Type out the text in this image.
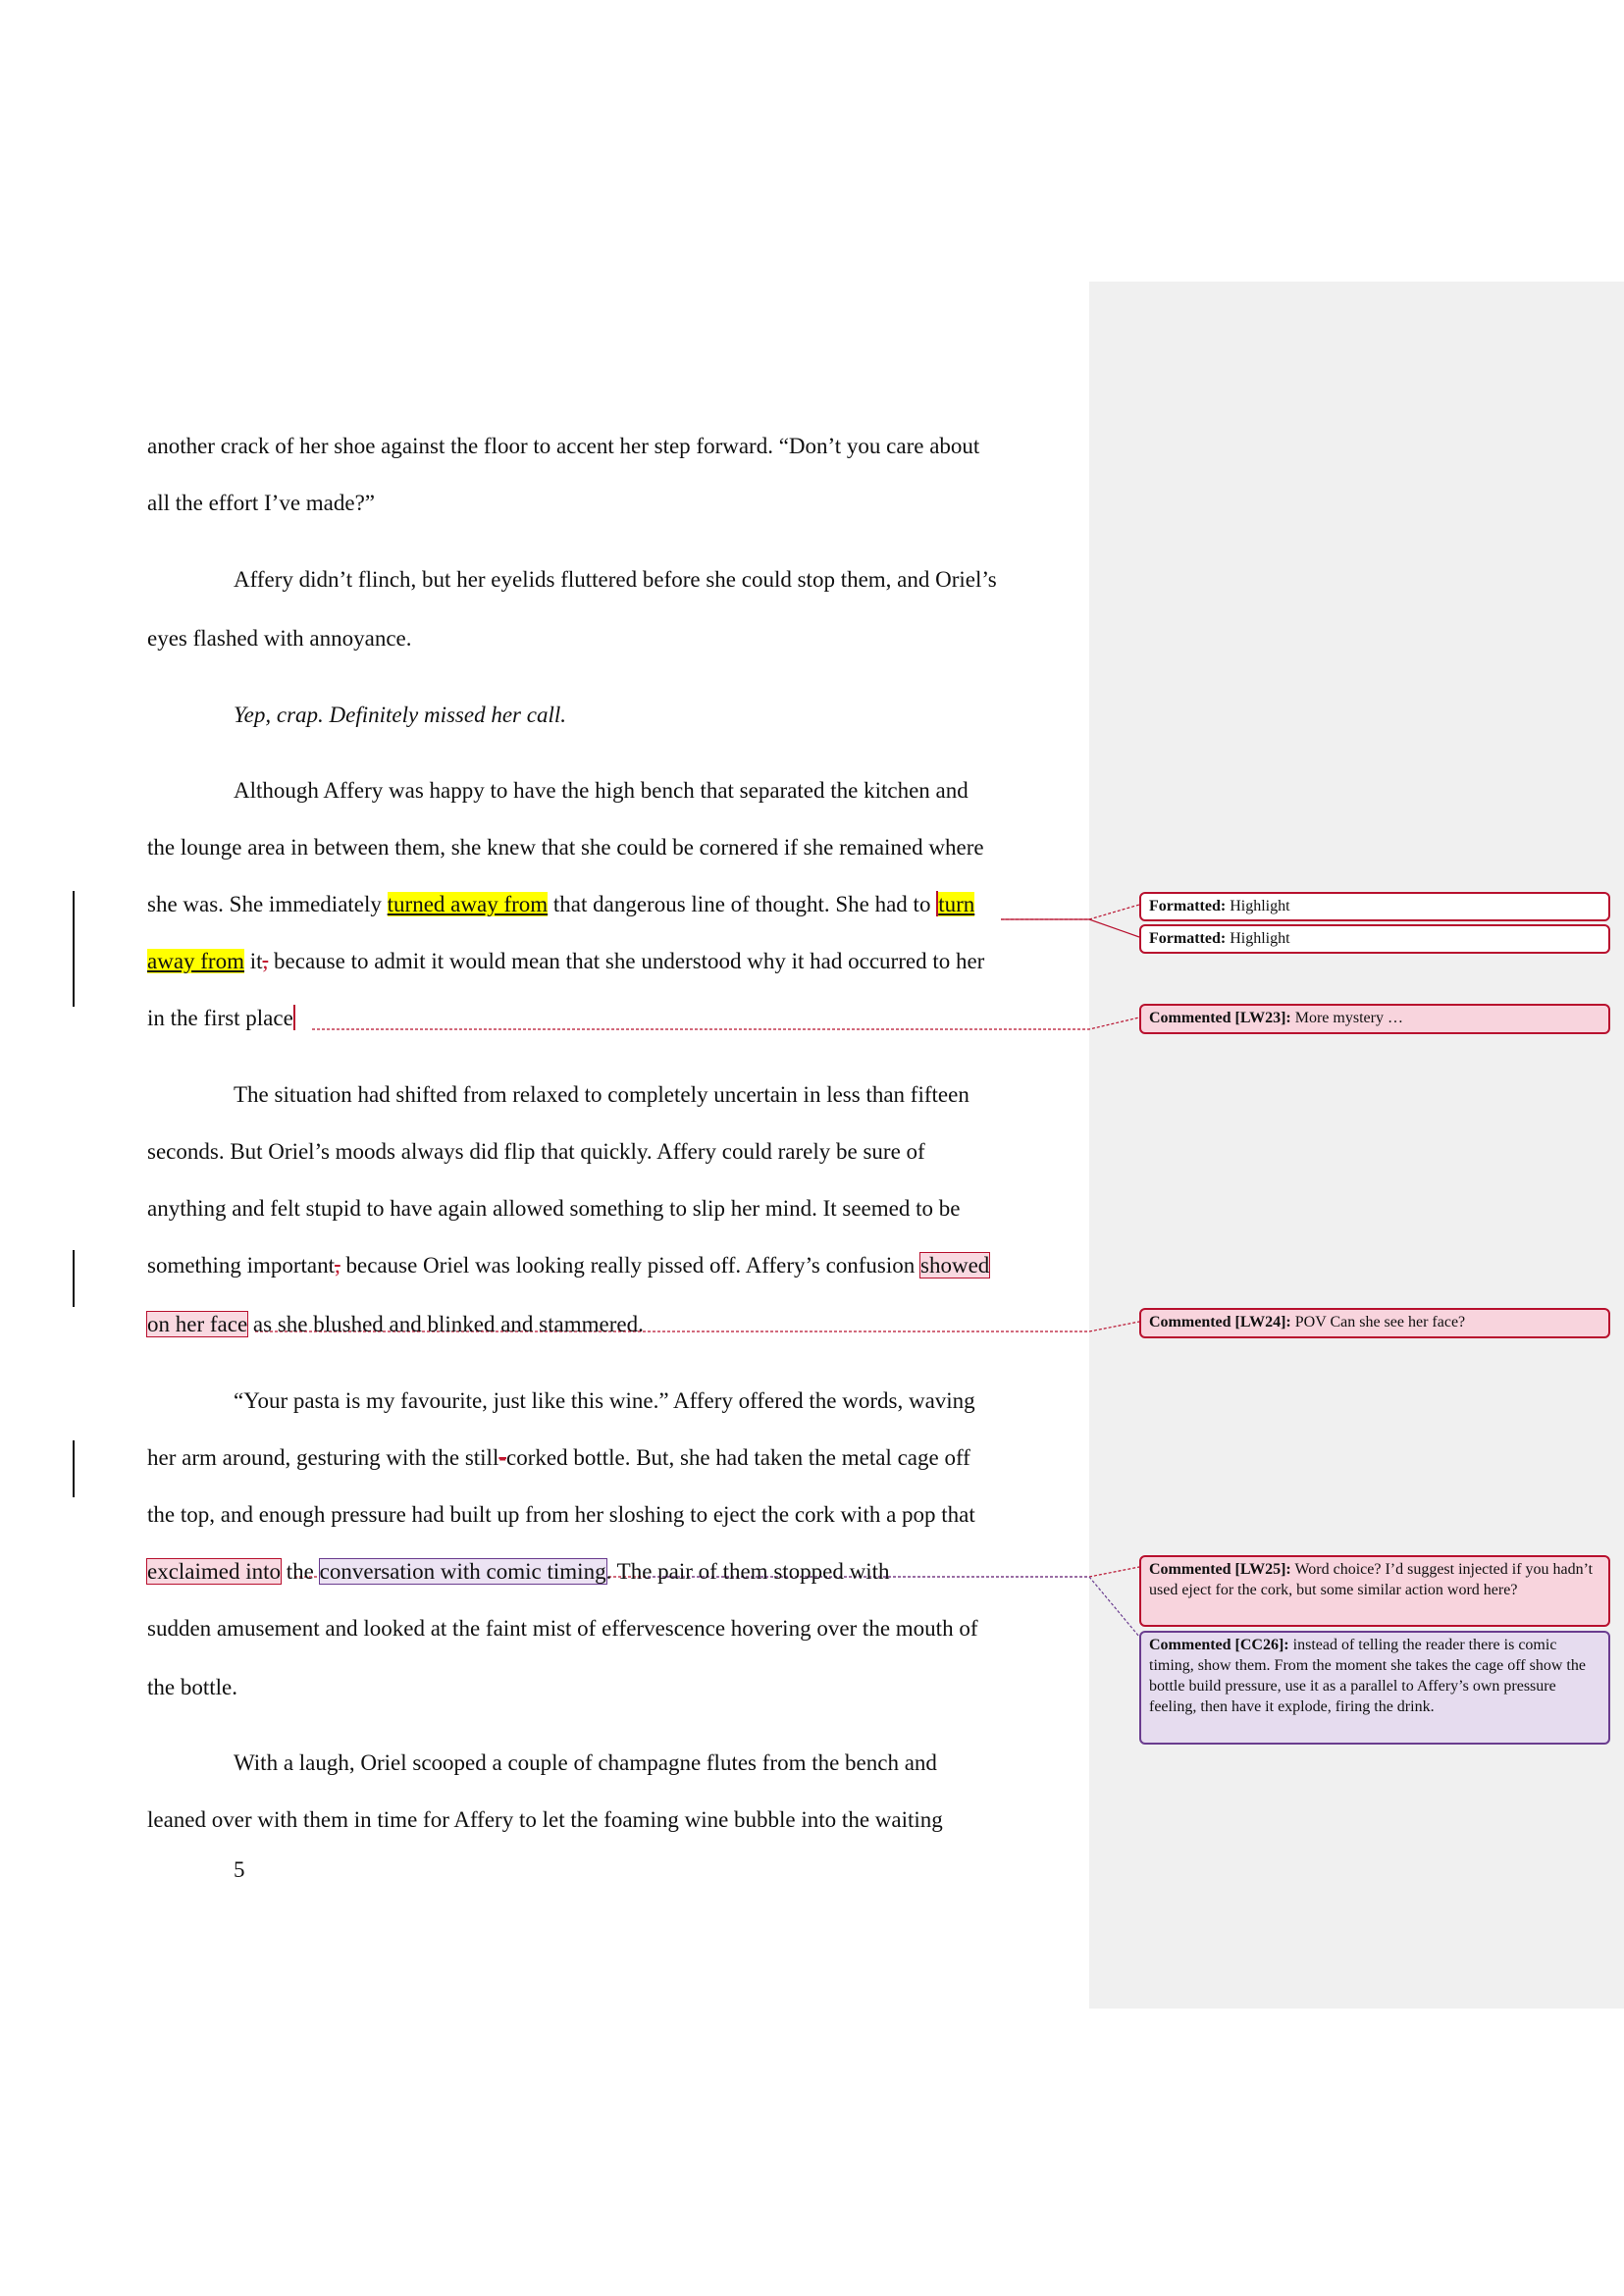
another crack of her shoe against the floor to accent her step forward. “Don’t you care about
all the effort I’ve made?”
Affery didn’t flinch, but her eyelids fluttered before she could stop them, and Oriel’s
eyes flashed with annoyance.
Yep, crap. Definitely missed her call.
Although Affery was happy to have the high bench that separated the kitchen and
the lounge area in between them, she knew that she could be cornered if she remained where
she was. She immediately turned away from that dangerous line of thought. She had to turn
away from it, because to admit it would mean that she understood why it had occurred to her
in the first place
The situation had shifted from relaxed to completely uncertain in less than fifteen
seconds. But Oriel’s moods always did flip that quickly. Affery could rarely be sure of
anything and felt stupid to have again allowed something to slip her mind. It seemed to be
something important, because Oriel was looking really pissed off. Affery’s confusion showed
on her face as she blushed and blinked and stammered.
“Your pasta is my favourite, just like this wine.” Affery offered the words, waving
her arm around, gesturing with the still-corked bottle. But, she had taken the metal cage off
the top, and enough pressure had built up from her sloshing to eject the cork with a pop that
exclaimed into the conversation with comic timing. The pair of them stopped with
sudden amusement and looked at the faint mist of effervescence hovering over the mouth of
the bottle.
With a laugh, Oriel scooped a couple of champagne flutes from the bench and
leaned over with them in time for Affery to let the foaming wine bubble into the waiting
5
Formatted: Highlight
Formatted: Highlight
Commented [LW23]: More mystery …
Commented [LW24]: POV Can she see her face?
Commented [LW25]: Word choice? I’d suggest injected if you hadn’t used eject for the cork, but some similar action word here?
Commented [CC26]: instead of telling the reader there is comic timing, show them. From the moment she takes the cage off show the bottle build pressure, use it as a parallel to Affery’s own pressure feeling, then have it explode, firing the drink.
